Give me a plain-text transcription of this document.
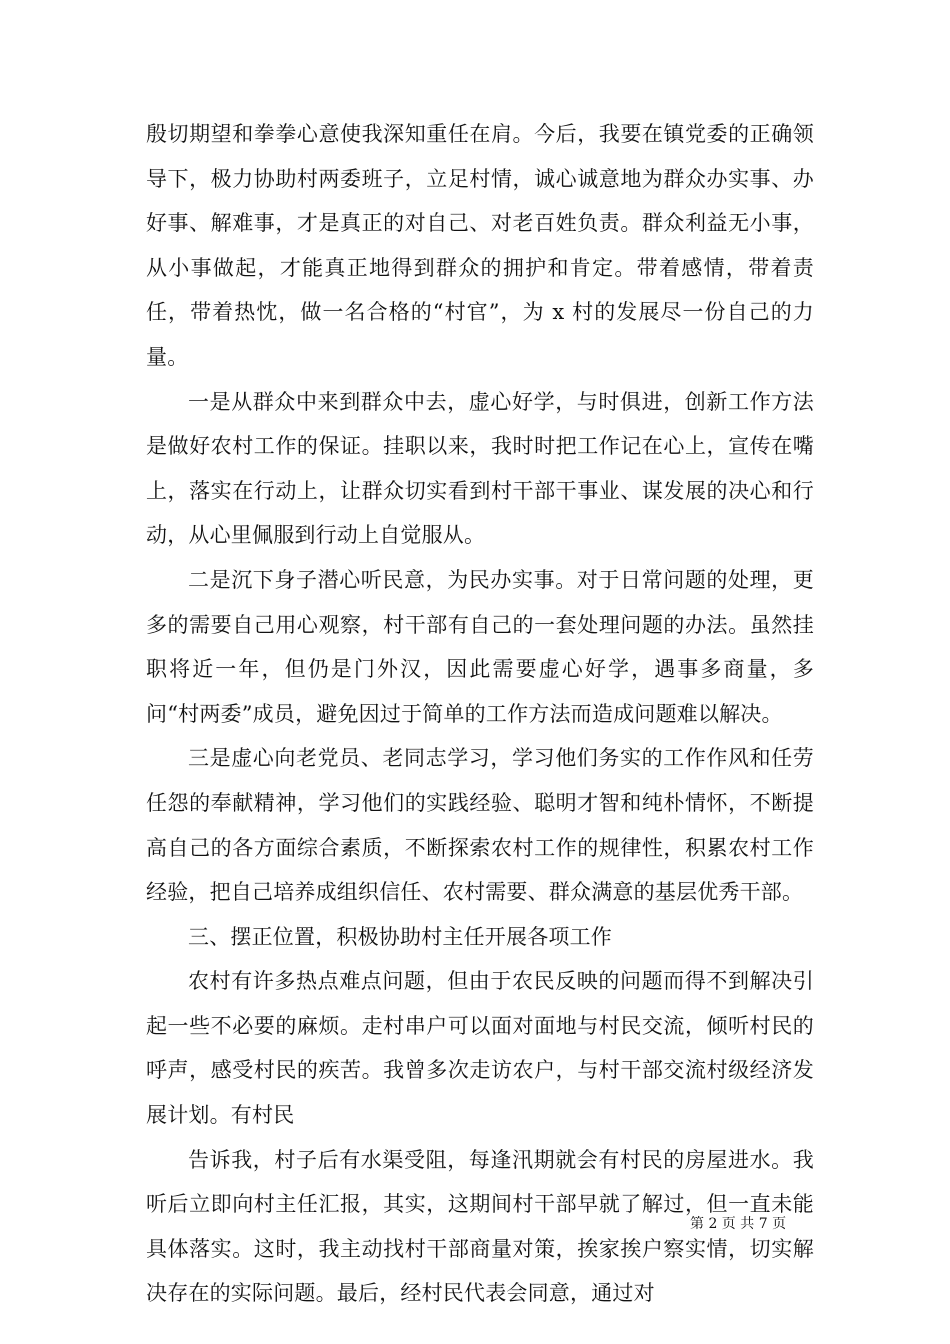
殷切期望和拳拳心意使我深知重任在肩。今后，我要在镇党委的正确领导下，极力协助村两委班子，立足村情，诚心诚意地为群众办实事、办好事、解难事，才是真正的对自己、对老百姓负责。群众利益无小事，从小事做起，才能真正地得到群众的拥护和肯定。带着感情，带着责任，带着热忱，做一名合格的“村官”，为 x 村的发展尽一份自己的力量。

一是从群众中来到群众中去，虚心好学，与时俱进，创新工作方法是做好农村工作的保证。挂职以来，我时时把工作记在心上，宣传在嘴上，落实在行动上，让群众切实看到村干部干事业、谋发展的决心和行动，从心里佩服到行动上自觉服从。

二是沉下身子潜心听民意，为民办实事。对于日常问题的处理，更多的需要自己用心观察，村干部有自己的一套处理问题的办法。虽然挂职将近一年，但仍是门外汉，因此需要虚心好学，遇事多商量，多问“村两委”成员，避免因过于简单的工作方法而造成问题难以解决。

三是虚心向老党员、老同志学习，学习他们务实的工作作风和任劳任怨的奉献精神，学习他们的实践经验、聪明才智和纯朴情怀，不断提高自己的各方面综合素质，不断探索农村工作的规律性，积累农村工作经验，把自己培养成组织信任、农村需要、群众满意的基层优秀干部。

三、摆正位置，积极协助村主任开展各项工作

农村有许多热点难点问题，但由于农民反映的问题而得不到解决引起一些不必要的麻烦。走村串户可以面对面地与村民交流，倾听村民的呼声，感受村民的疾苦。我曾多次走访农户，与村干部交流村级经济发展计划。有村民

告诉我，村子后有水渠受阻，每逢汛期就会有村民的房屋进水。我听后立即向村主任汇报，其实，这期间村干部早就了解过，但一直未能具体落实。这时，我主动找村干部商量对策，挨家挨户察实情，切实解决存在的实际问题。最后，经村民代表会同意，通过对

第 2 页 共 7 页
